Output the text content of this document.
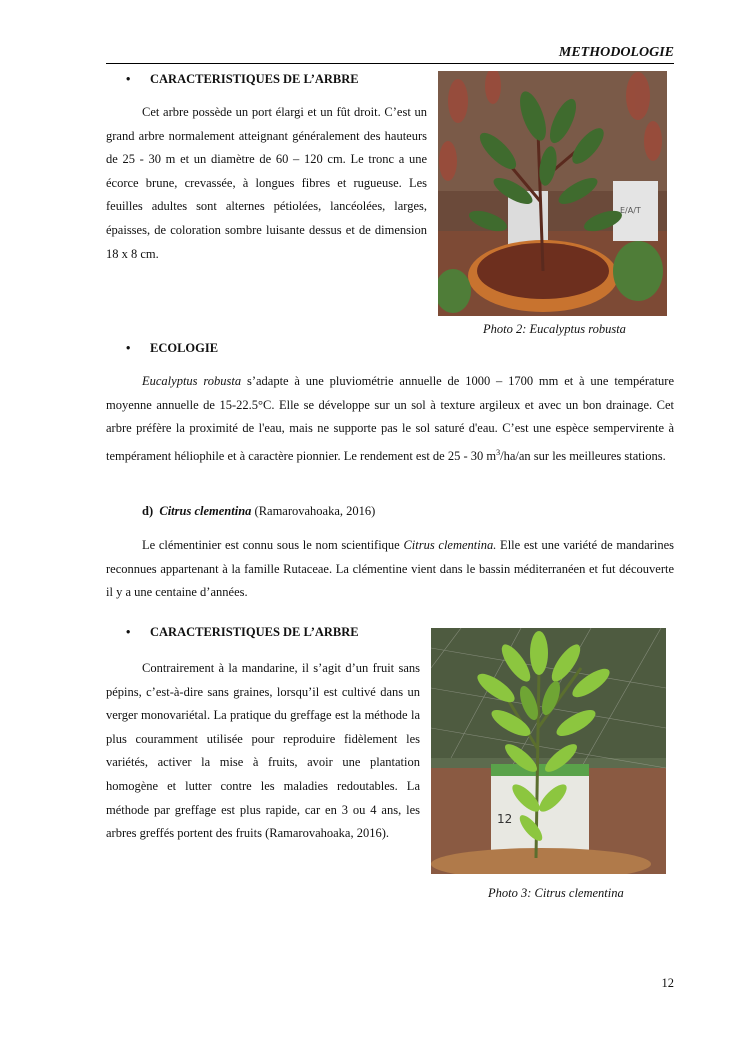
METHODOLOGIE
• CARACTERISTIQUES DE L’ARBRE
Cet arbre possède un port élargi et un fût droit. C’est un grand arbre normalement atteignant généralement des hauteurs de 25 - 30 m et un diamètre de 60 – 120 cm. Le tronc a une écorce brune, crevassée, à longues fibres et rugueuse. Les feuilles adultes sont alternes pétiolées, lancéolées, larges, épaisses, de coloration sombre luisante dessus et de dimension 18 x 8 cm.
E/A/T
Photo 2: Eucalyptus robusta
• ECOLOGIE
Eucalyptus robusta s’adapte à une pluviométrie annuelle de 1000 – 1700 mm et à une température moyenne annuelle de 15-22.5°C. Elle se développe sur un sol à texture argileux et avec un bon drainage. Cet arbre préfère la proximité de l'eau, mais ne supporte pas le sol saturé d'eau. C’est une espèce sempervirente à tempérament héliophile et à caractère pionnier. Le rendement est de 25 - 30 $m^3/ha/an$ sur les meilleures stations.
d) Citrus clementina (Ramarovahoaka, 2016)
Le clémentinier est connu sous le nom scientifique Citrus clementina. Elle est une variété de mandarines reconnues appartenant à la famille Rutaceae. La clémentine vient dans le bassin méditerranéen et fut découverte il y a une centaine d’années.
• CARACTERISTIQUES DE L’ARBRE
Contrairement à la mandarine, il s’agit d’un fruit sans pépins, c’est-à-dire sans graines, lorsqu’il est cultivé dans un verger monovariétal. La pratique du greffage est la méthode la plus couramment utilisée pour reproduire fidèlement les variétés, activer la mise à fruits, avoir une plantation homogène et lutter contre les maladies redoutables. La méthode par greffage est plus rapide, car en 3 ou 4 ans, les arbres greffés portent des fruits (Ramarovahoaka, 2016).
12
Photo 3: Citrus clementina
12
